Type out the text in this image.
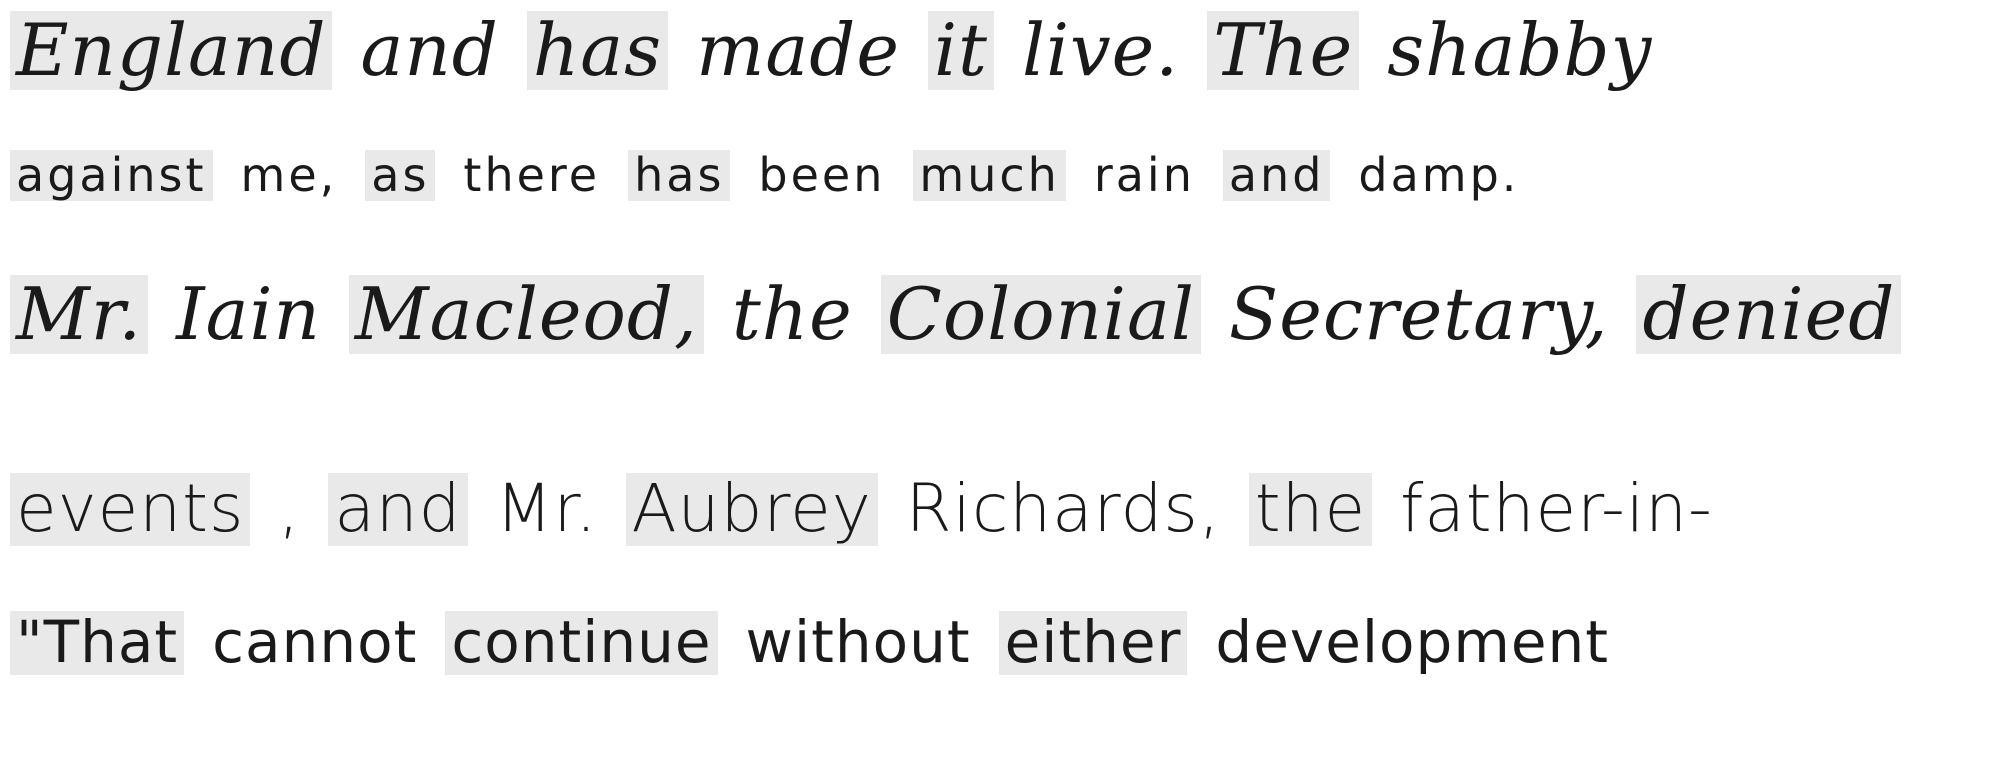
England and has made it live. The shabby
against me, as there has been much rain and damp.
Mr. Iain Macleod, the Colonial Secretary, denied
events , and Mr. Aubrey Richards, the father-in-
"That cannot continue without either development
